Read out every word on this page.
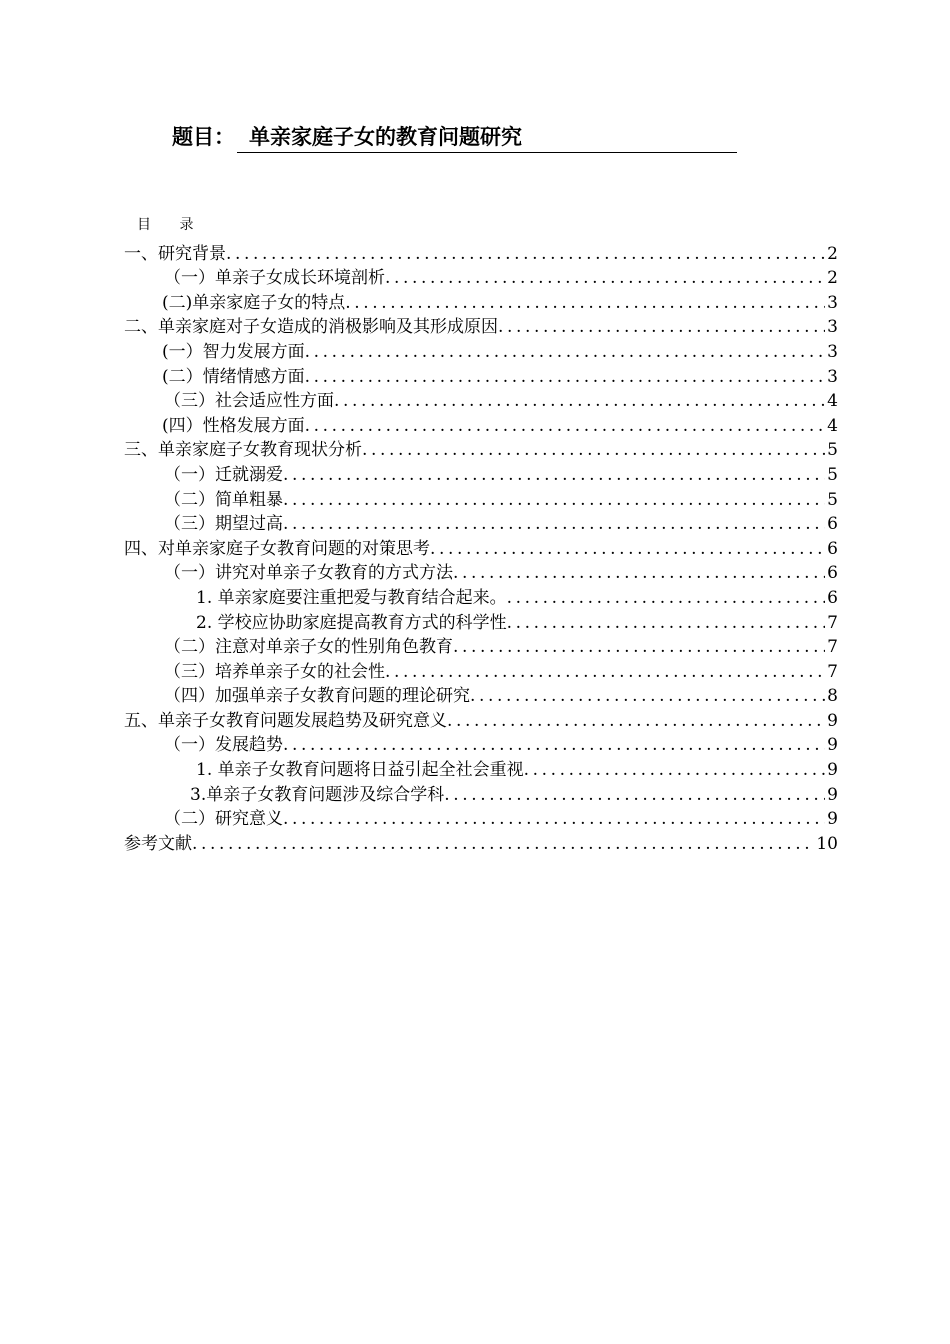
题目： 单亲家庭子女的教育问题研究
目 录
一、研究背景 .....	2
（一）单亲子女成长环境剖析 .....	2
(二)单亲家庭子女的特点 .....	3
二、单亲家庭对子女造成的消极影响及其形成原因 .....	3
(一）智力发展方面 .....	3
(二）情绪情感方面 .....	3
（三）社会适应性方面 .....	4
(四）性格发展方面 .....	4
三、单亲家庭子女教育现状分析 .....	5
（一）迁就溺爱 .....	5
（二）简单粗暴 .....	5
（三）期望过高 .....	6
四、对单亲家庭子女教育问题的对策思考 .....	6
（一）讲究对单亲子女教育的方式方法 .....	6
1. 单亲家庭要注重把爱与教育结合起来。 .....	6
2. 学校应协助家庭提高教育方式的科学性 .....	7
（二）注意对单亲子女的性别角色教育 .....	7
（三）培养单亲子女的社会性 .....	7
（四）加强单亲子女教育问题的理论研究 .....	8
五、单亲子女教育问题发展趋势及研究意义 .....	9
（一）发展趋势 .....	9
1. 单亲子女教育问题将日益引起全社会重视 .....	9
3.单亲子女教育问题涉及综合学科 .....	9
（二）研究意义 .....	9
参考文献 .....	10
